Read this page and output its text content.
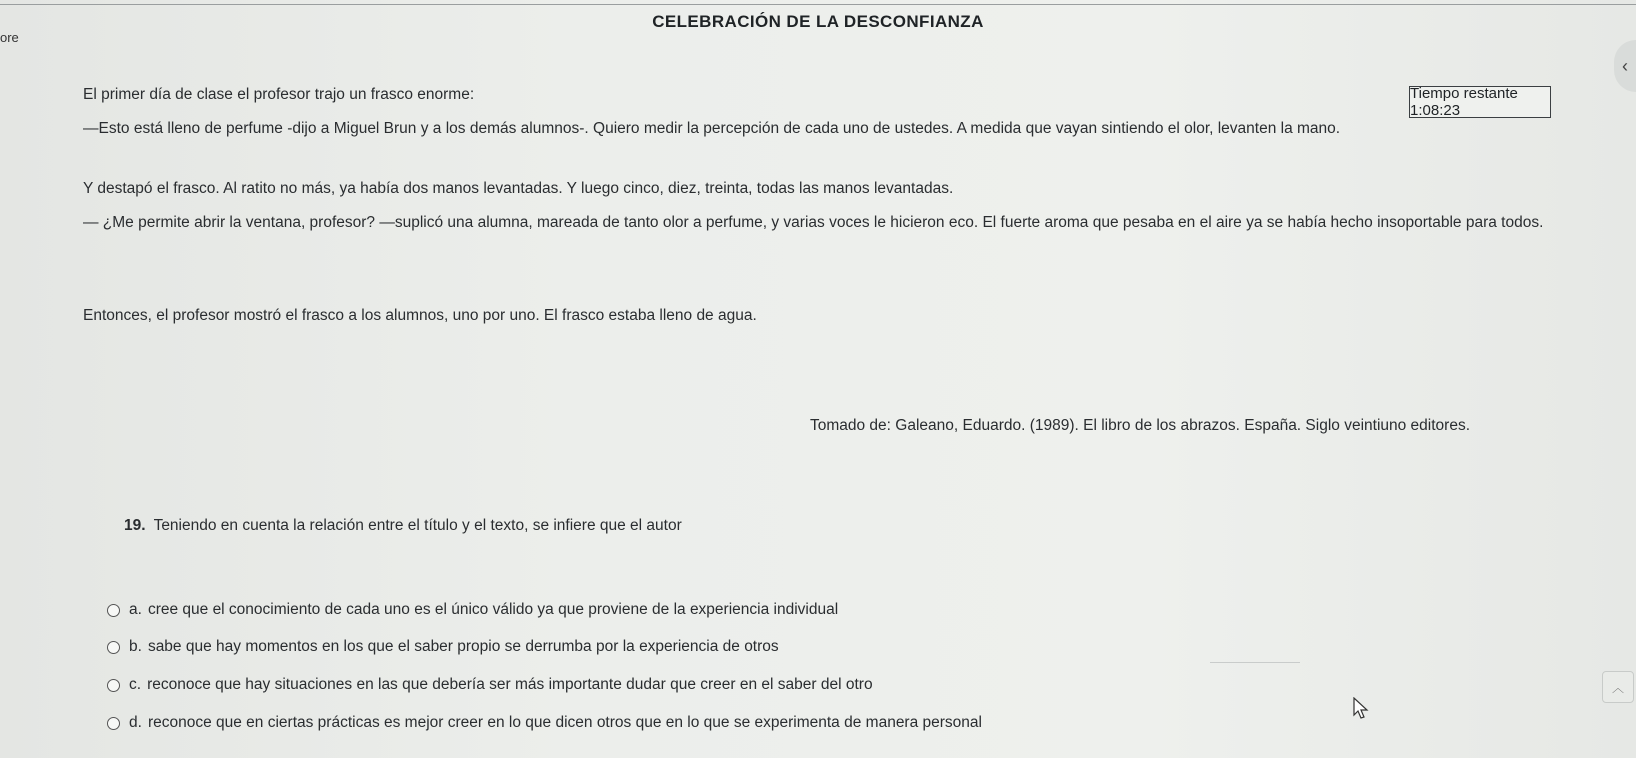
ore
CELEBRACIÓN DE LA DESCONFIANZA
‹
Tiempo restante 1:08:23
El primer día de clase el profesor trajo un frasco enorme:
—Esto está lleno de perfume -dijo a Miguel Brun y a los demás alumnos-. Quiero medir la percepción de cada uno de ustedes. A medida que vayan sintiendo el olor, levanten la mano.
Y destapó el frasco. Al ratito no más, ya había dos manos levantadas. Y luego cinco, diez, treinta, todas las manos levantadas.
— ¿Me permite abrir la ventana, profesor? —suplicó una alumna, mareada de tanto olor a perfume, y varias voces le hicieron eco. El fuerte aroma que pesaba en el aire ya se había hecho insoportable para todos.
Entonces, el profesor mostró el frasco a los alumnos, uno por uno. El frasco estaba lleno de agua.
Tomado de: Galeano, Eduardo. (1989). El libro de los abrazos. España. Siglo veintiuno editores.
19. Teniendo en cuenta la relación entre el título y el texto, se infiere que el autor
a. cree que el conocimiento de cada uno es el único válido ya que proviene de la experiencia individual
b. sabe que hay momentos en los que el saber propio se derrumba por la experiencia de otros
c. reconoce que hay situaciones en las que debería ser más importante dudar que creer en el saber del otro
d. reconoce que en ciertas prácticas es mejor creer en lo que dicen otros que en lo que se experimenta de manera personal
︿
